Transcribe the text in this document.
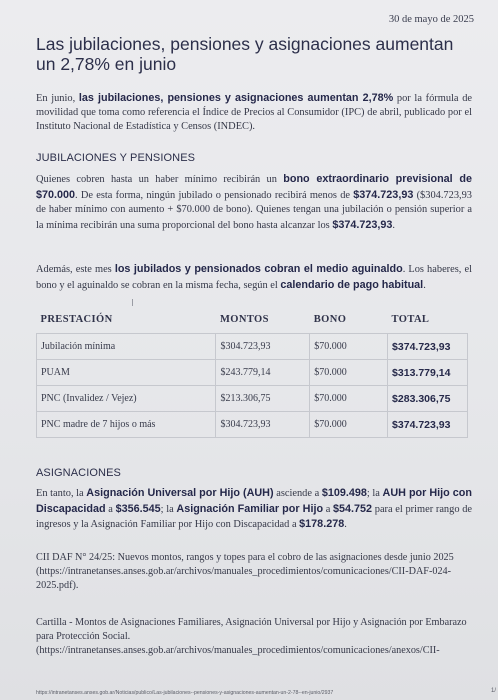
30 de mayo de 2025
Las jubilaciones, pensiones y asignaciones aumentan un 2,78% en junio

En junio, las jubilaciones, pensiones y asignaciones aumentan 2,78% por la fórmula de movilidad que toma como referencia el Índice de Precios al Consumidor (IPC) de abril, publicado por el Instituto Nacional de Estadística y Censos (INDEC).

JUBILACIONES Y PENSIONES

Quienes cobren hasta un haber mínimo recibirán un bono extraordinario previsional de $70.000. De esta forma, ningún jubilado o pensionado recibirá menos de $374.723,93 ($304.723,93 de haber mínimo con aumento + $70.000 de bono). Quienes tengan una jubilación o pensión superior a la mínima recibirán una suma proporcional del bono hasta alcanzar los $374.723,93.

Además, este mes los jubilados y pensionados cobran el medio aguinaldo. Los haberes, el bono y el aguinaldo se cobran en la misma fecha, según el calendario de pago habitual.

PRESTACIÓN	MONTOS	BONO	TOTAL
Jubilación mínima	$304.723,93	$70.000	$374.723,93
PUAM	$243.779,14	$70.000	$313.779,14
PNC (Invalidez / Vejez)	$213.306,75	$70.000	$283.306,75
PNC madre de 7 hijos o más	$304.723,93	$70.000	$374.723,93
ASIGNACIONES

En tanto, la Asignación Universal por Hijo (AUH) asciende a $109.498; la AUH por Hijo con Discapacidad a $356.545; la Asignación Familiar por Hijo a $54.752 para el primer rango de ingresos y la Asignación Familiar por Hijo con Discapacidad a $178.278.

CII DAF N° 24/25: Nuevos montos, rangos y topes para el cobro de las asignaciones desde junio 2025 (https://intranetanses.anses.gob.ar/archivos/manuales_procedimientos/comunicaciones/CII-DAF-024-2025.pdf).

Cartilla - Montos de Asignaciones Familiares, Asignación Universal por Hijo y Asignación por Embarazo para Protección Social. (https://intranetanses.anses.gob.ar/archivos/manuales_procedimientos/comunicaciones/anexos/CII-

https://intranetanses.anses.gob.ar/Noticias/publico/Las-jubilaciones--pensiones-y-asignaciones-aumentan-un-2-78--en-junio/2937	1/
